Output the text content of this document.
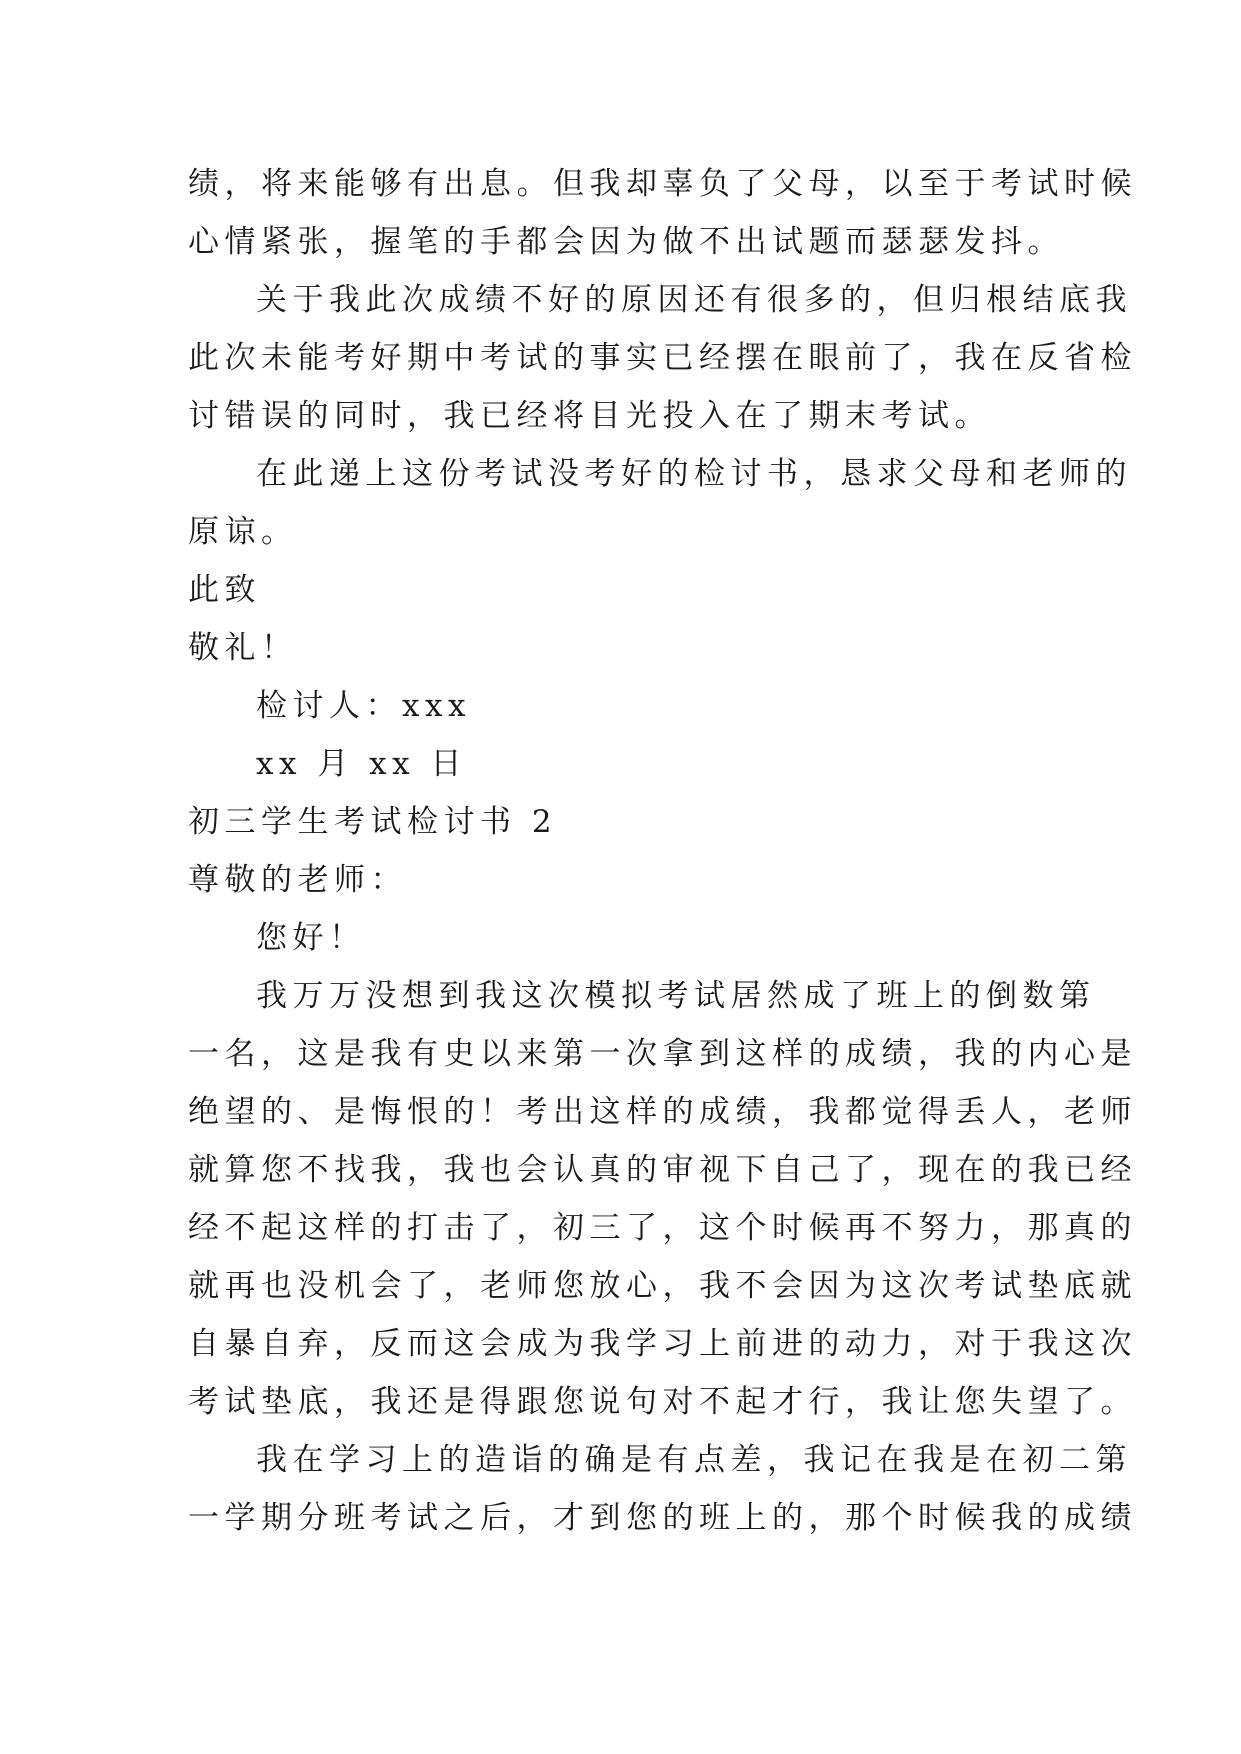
绩，将来能够有出息。但我却辜负了父母，以至于考试时候
心情紧张，握笔的手都会因为做不出试题而瑟瑟发抖。
关于我此次成绩不好的原因还有很多的，但归根结底我
此次未能考好期中考试的事实已经摆在眼前了，我在反省检
讨错误的同时，我已经将目光投入在了期末考试。
在此递上这份考试没考好的检讨书，恳求父母和老师的
原谅。
此致
敬礼！
检讨人：xxx
xx 月 xx 日
初三学生考试检讨书 2
尊敬的老师：
您好！
我万万没想到我这次模拟考试居然成了班上的倒数第
一名，这是我有史以来第一次拿到这样的成绩，我的内心是
绝望的、是悔恨的！考出这样的成绩，我都觉得丢人，老师
就算您不找我，我也会认真的审视下自己了，现在的我已经
经不起这样的打击了，初三了，这个时候再不努力，那真的
就再也没机会了，老师您放心，我不会因为这次考试垫底就
自暴自弃，反而这会成为我学习上前进的动力，对于我这次
考试垫底，我还是得跟您说句对不起才行，我让您失望了。
我在学习上的造诣的确是有点差，我记在我是在初二第
一学期分班考试之后，才到您的班上的，那个时候我的成绩
